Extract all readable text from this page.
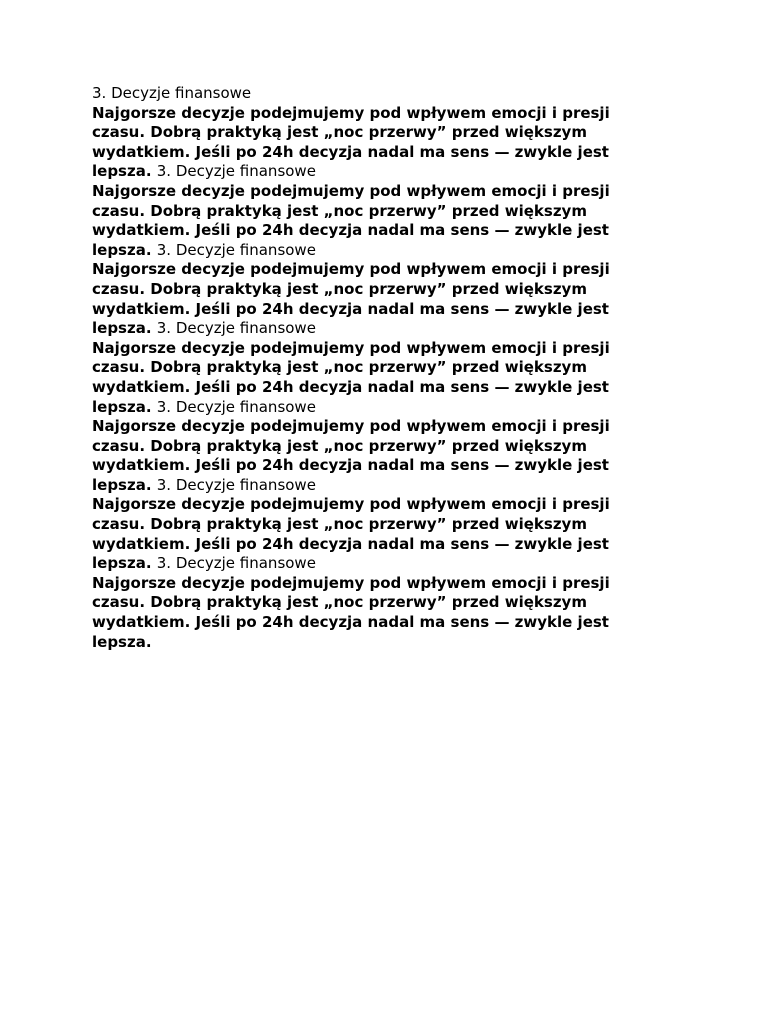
3. Decyzje finansowe
Najgorsze decyzje podejmujemy pod wpływem emocji i presji
czasu. Dobrą praktyką jest „noc przerwy” przed większym
wydatkiem. Jeśli po 24h decyzja nadal ma sens — zwykle jest
lepsza. 3. Decyzje finansowe
Najgorsze decyzje podejmujemy pod wpływem emocji i presji
czasu. Dobrą praktyką jest „noc przerwy” przed większym
wydatkiem. Jeśli po 24h decyzja nadal ma sens — zwykle jest
lepsza. 3. Decyzje finansowe
Najgorsze decyzje podejmujemy pod wpływem emocji i presji
czasu. Dobrą praktyką jest „noc przerwy” przed większym
wydatkiem. Jeśli po 24h decyzja nadal ma sens — zwykle jest
lepsza. 3. Decyzje finansowe
Najgorsze decyzje podejmujemy pod wpływem emocji i presji
czasu. Dobrą praktyką jest „noc przerwy” przed większym
wydatkiem. Jeśli po 24h decyzja nadal ma sens — zwykle jest
lepsza. 3. Decyzje finansowe
Najgorsze decyzje podejmujemy pod wpływem emocji i presji
czasu. Dobrą praktyką jest „noc przerwy” przed większym
wydatkiem. Jeśli po 24h decyzja nadal ma sens — zwykle jest
lepsza. 3. Decyzje finansowe
Najgorsze decyzje podejmujemy pod wpływem emocji i presji
czasu. Dobrą praktyką jest „noc przerwy” przed większym
wydatkiem. Jeśli po 24h decyzja nadal ma sens — zwykle jest
lepsza. 3. Decyzje finansowe
Najgorsze decyzje podejmujemy pod wpływem emocji i presji
czasu. Dobrą praktyką jest „noc przerwy” przed większym
wydatkiem. Jeśli po 24h decyzja nadal ma sens — zwykle jest
lepsza.
